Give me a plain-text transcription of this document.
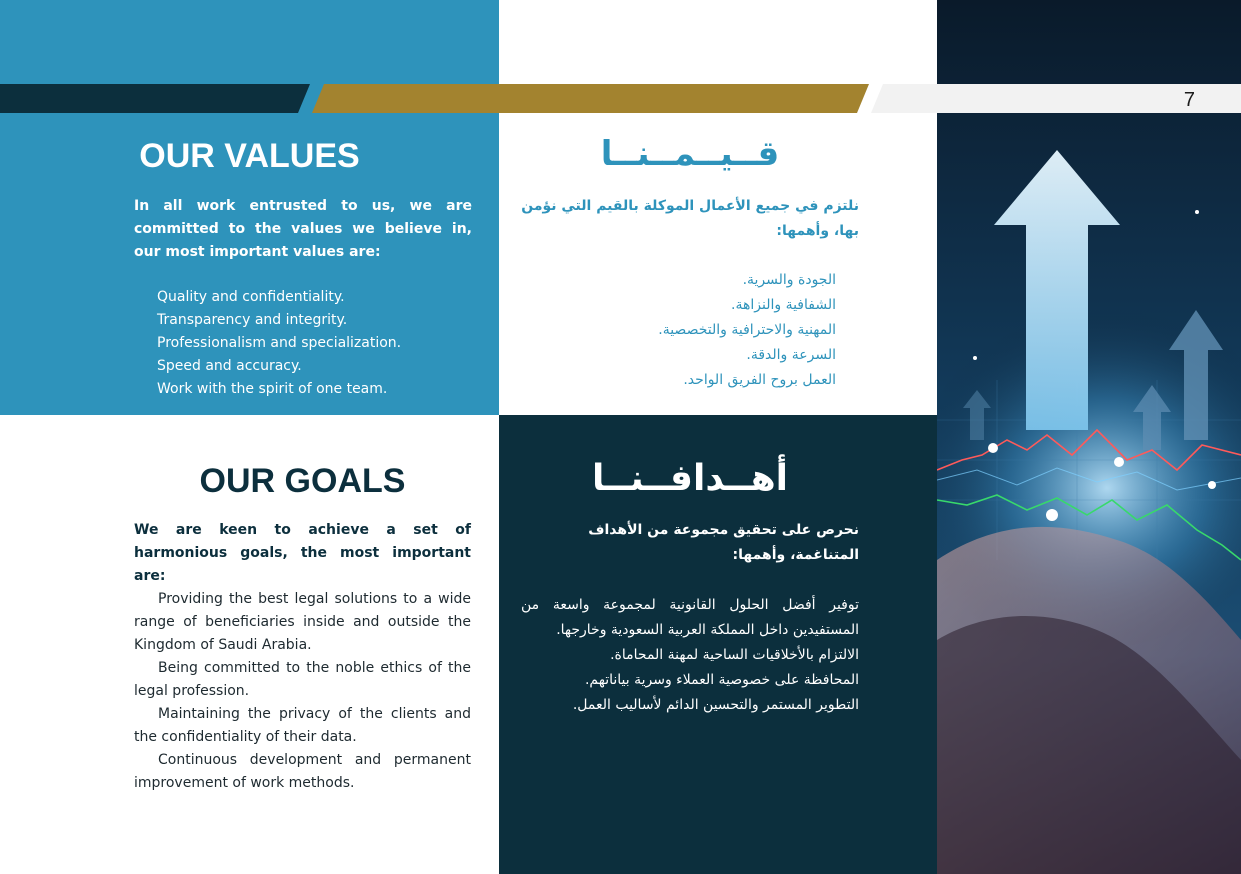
7
OUR VALUES
In all work entrusted to us, we are committed to the values we believe in, our most important values are:
Quality and confidentiality.
Transparency and integrity.
Professionalism and specialization.
Speed and accuracy.
Work with the spirit of one team.
قــيــمــنــا
نلتزم في جميع الأعمال الموكلة بالقيم التي نؤمن بها، وأهمها:
الجودة والسرية.
الشفافية والنزاهة.
المهنية والاحترافية والتخصصية.
السرعة والدقة.
العمل بروح الفريق الواحد.
OUR GOALS
We are keen to achieve a set of harmonious goals, the most important are:

Providing the best legal solutions to a wide range of beneficiaries inside and outside the Kingdom of Saudi Arabia.

Being committed to the noble ethics of the legal profession.

Maintaining the privacy of the clients and the confidentiality of their data.

Continuous development and permanent improvement of work methods.

أهــدافــنــا
نحرص على تحقيق مجموعة من الأهداف المتناغمة، وأهمها:

توفير أفضل الحلول القانونية لمجموعة واسعة من المستفيدين داخل المملكة العربية السعودية وخارجها.

الالتزام بالأخلاقيات الساحية لمهنة المحاماة.

المحافظة على خصوصية العملاء وسرية بياناتهم.

التطوير المستمر والتحسين الدائم لأساليب العمل.
